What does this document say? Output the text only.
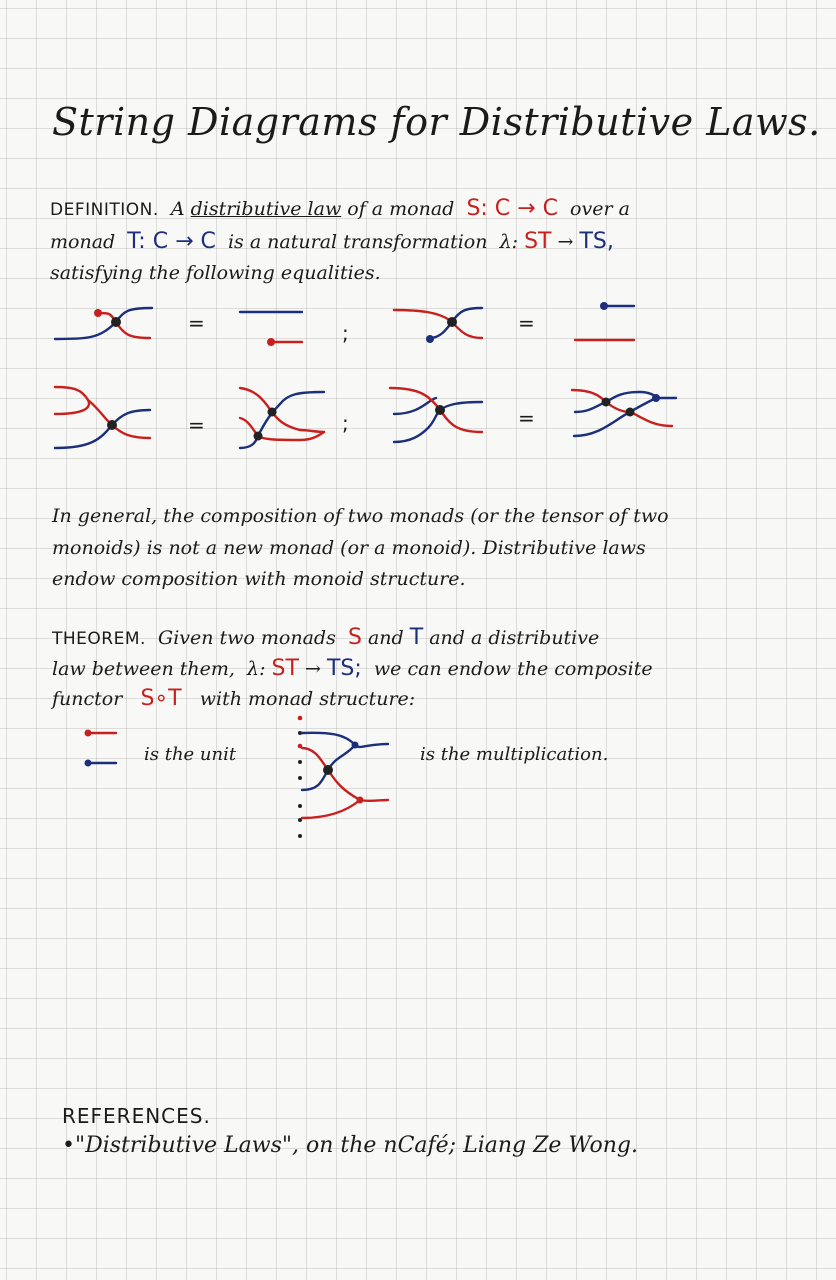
String Diagrams for Distributive Laws.
DEFINITION. A distributive law of a monad S: C → C over a
monad T: C → C is a natural transformation λ: ST → TS,
satisfying the following equalities.
=	;	=
=	;	=
In general, the composition of two monads (or the tensor of two
monoids) is not a new monad (or a monoid). Distributive laws
endow composition with monoid structure.
THEOREM. Given two monads S and T and a distributive
law between them, λ: ST → TS; we can endow the composite
functor S∘T with monad structure:
is the unit	is the multiplication.
REFERENCES.
•"Distributive Laws", on the nCafé; Liang Ze Wong.
